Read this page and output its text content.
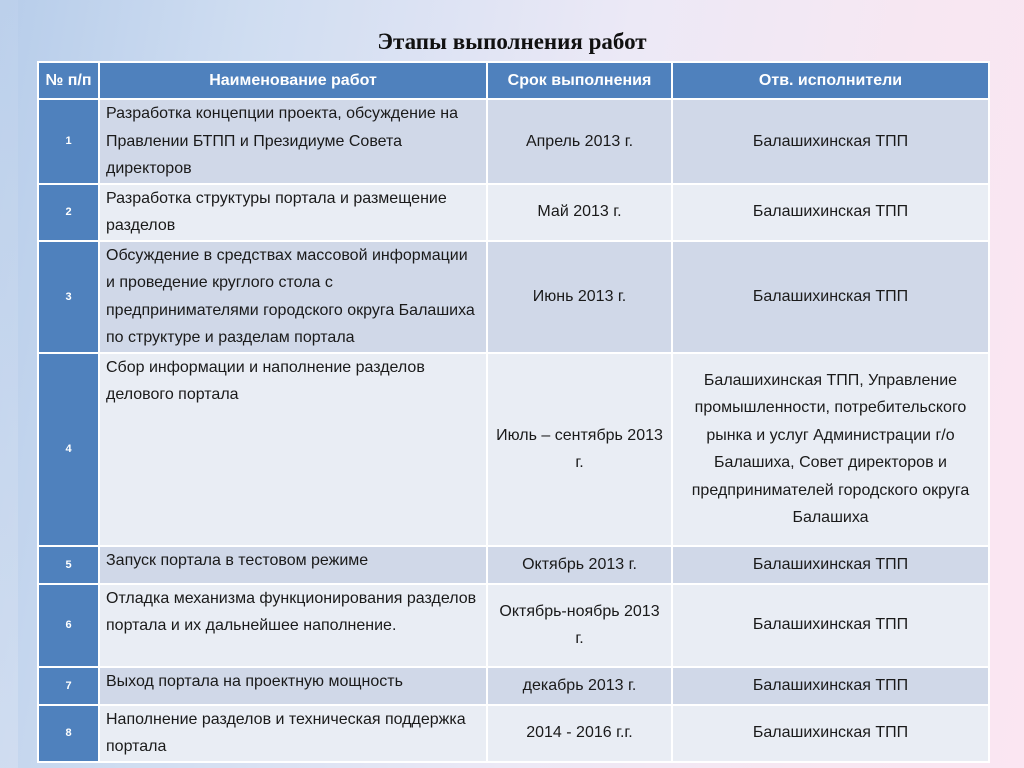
Этапы выполнения работ
№ п/п	Наименование работ	Срок выполнения	Отв. исполнители
1	Разработка концепции проекта, обсуждение на Правлении БТПП и Президиуме Совета директоров	Апрель 2013 г.	Балашихинская ТПП
2	Разработка структуры портала и размещение разделов	Май 2013 г.	Балашихинская ТПП
3	Обсуждение в средствах массовой информации и проведение круглого стола с предпринимателями городского округа Балашиха по структуре и разделам портала	Июнь 2013 г.	Балашихинская ТПП
4	Сбор информации и наполнение разделов делового портала	Июль – сентябрь 2013 г.	Балашихинская ТПП, Управление промышленности, потребительского рынка и услуг Администрации г/о Балашиха, Совет директоров и предпринимателей городского округа Балашиха
5	Запуск портала в тестовом режиме	Октябрь 2013 г.	Балашихинская ТПП
6	Отладка механизма функционирования разделов портала и их дальнейшее наполнение.	Октябрь-ноябрь 2013 г.	Балашихинская ТПП
7	Выход портала на проектную мощность	декабрь 2013 г.	Балашихинская ТПП
8	Наполнение разделов и техническая поддержка портала	2014 - 2016 г.г.	Балашихинская ТПП
